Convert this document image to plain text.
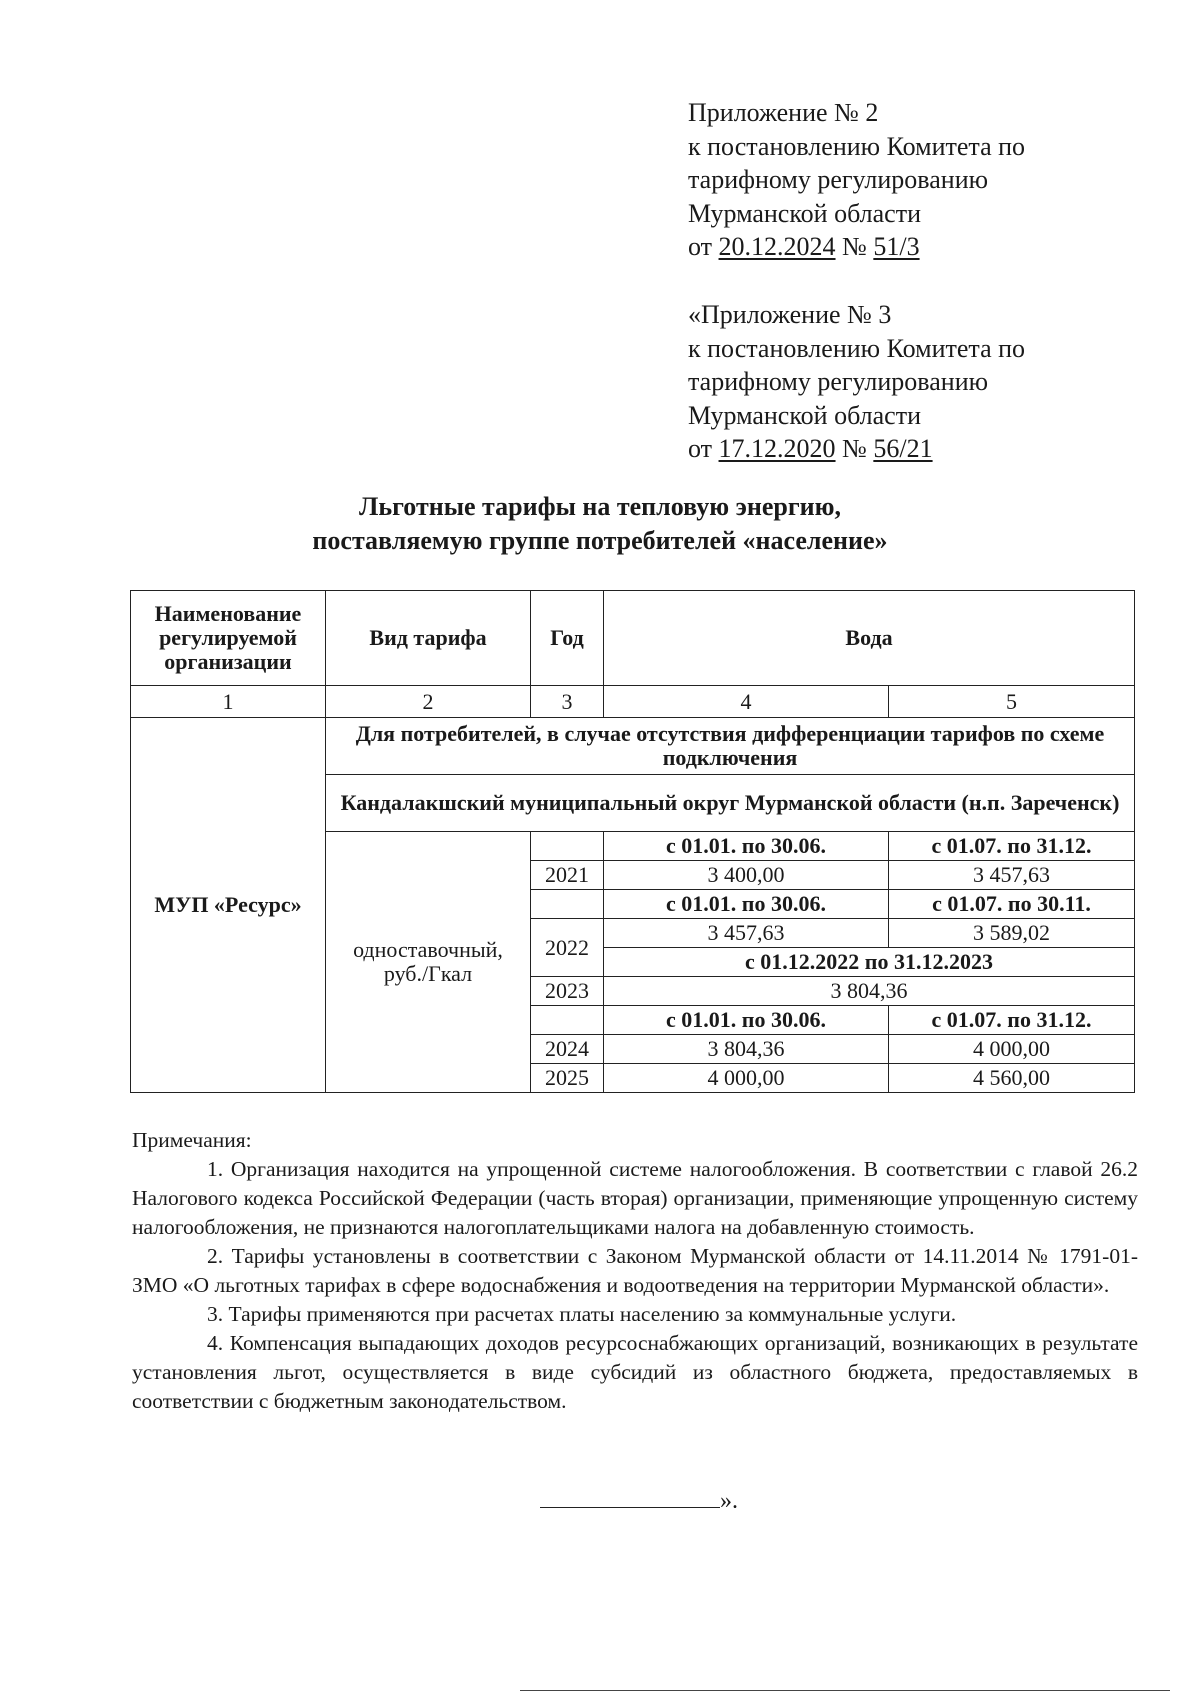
Приложение № 2
к постановлению Комитета по
тарифному регулированию
Мурманской области
от 20.12.2024 № 51/3
«Приложение № 3
к постановлению Комитета по
тарифному регулированию
Мурманской области
от 17.12.2020 № 56/21
Льготные тарифы на тепловую энергию,
поставляемую группе потребителей «население»
Наименование регулируемой организации	Вид тарифа	Год	Вода	
1	2	3	4	5
МУП «Ресурс»	Для потребителей, в случае отсутствия дифференциации тарифов по схеме подключения			
	Кандалакшский муниципальный округ Мурманской области (н.п. Зареченск)			
	одноставочный, руб./Гкал		с 01.01. по 30.06.	с 01.07. по 31.12.
		2021	3 400,00	3 457,63
			с 01.01. по 30.06.	с 01.07. по 30.11.
		2022	3 457,63	3 589,02
			с 01.12.2022 по 31.12.2023	
		2023	3 804,36	
			с 01.01. по 30.06.	с 01.07. по 31.12.
		2024	3 804,36	4 000,00
		2025	4 000,00	4 560,00

Примечания:

1. Организация находится на упрощенной системе налогообложения. В соответствии с главой 26.2 Налогового кодекса Российской Федерации (часть вторая) организации, применяющие упрощенную систему налогообложения, не признаются налогоплательщиками налога на добавленную стоимость.

2. Тарифы установлены в соответствии с Законом Мурманской области от 14.11.2014 № 1791-01-ЗМО «О льготных тарифах в сфере водоснабжения и водоотведения на территории Мурманской области».

3. Тарифы применяются при расчетах платы населению за коммунальные услуги.

4. Компенсация выпадающих доходов ресурсоснабжающих организаций, возникающих в результате установления льгот, осуществляется в виде субсидий из областного бюджета, предоставляемых в соответствии с бюджетным законодательством.

».
